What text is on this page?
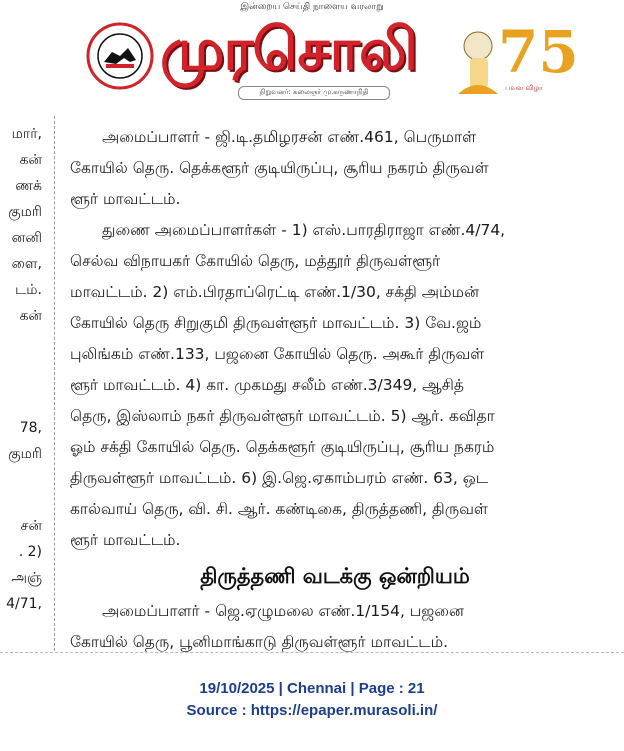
இன்றைய செய்தி நாளைய வரலாறு
முரசொலி
நிறுவனர்: கலைஞர் மு.கருணாநிதி
75
பவள விழா
மார்,
கன்
ணக்
குமரி
னனி
ளை,
டம்.
கன்
78,
குமரி
சன்
. 2)
அஞ்
4/71,
அமைப்பாளர் - ஜி.டி.தமிழரசன் எண்.461, பெருமாள்
கோயில் தெரு. தெக்களூர் குடியிருப்பு, சூரிய நகரம் திருவள்
ளூர் மாவட்டம்.
துணை அமைப்பாளர்கள் - 1) எஸ்.பாரதிராஜா எண்.4/74,
செல்வ விநாயகர் கோயில் தெரு, மத்தூர் திருவள்ளூர்
மாவட்டம். 2) எம்.பிரதாப்ரெட்டி எண்.1/30, சக்தி அம்மன்
கோயில் தெரு சிறுகுமி திருவள்ளூர் மாவட்டம். 3) வே.ஜம்
புலிங்கம் எண்.133, பஜனை கோயில் தெரு. அகூர் திருவள்
ளூர் மாவட்டம். 4) கா. முகமது சலீம் எண்.3/349, ஆசித்
தெரு, இஸ்லாம் நகர் திருவள்ளூர் மாவட்டம். 5) ஆர். கவிதா
ஓம் சக்தி கோயில் தெரு. தெக்களூர் குடியிருப்பு, சூரிய நகரம்
திருவள்ளூர் மாவட்டம். 6) இ.ஜெ.ஏகாம்பரம் எண். 63, ஒட
கால்வாய் தெரு, வி. சி. ஆர். கண்டிகை, திருத்தணி, திருவள்
ளூர் மாவட்டம்.
திருத்தணி வடக்கு ஒன்றியம்
அமைப்பாளர் - ஜெ.ஏழுமலை எண்.1/154, பஜனை
கோயில் தெரு, பூனிமாங்காடு திருவள்ளூர் மாவட்டம்.
19/10/2025 | Chennai | Page : 21
Source : https://epaper.murasoli.in/
